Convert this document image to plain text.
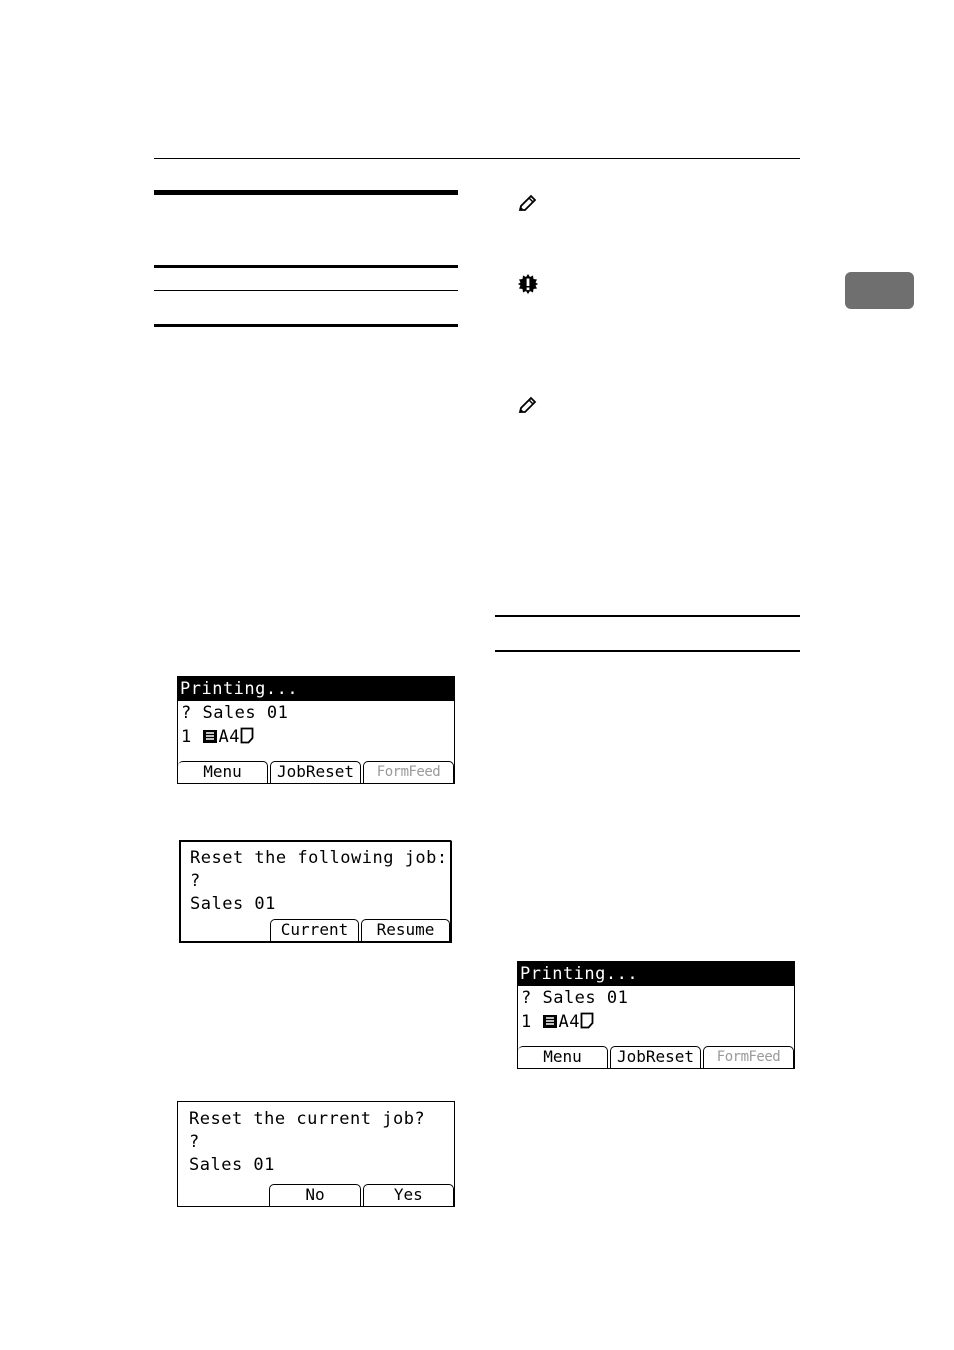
Printing...
? Sales 01
1 A4
Menu	JobReset	FormFeed
Reset the following job:
?
Sales 01
Current	Resume
Reset the current job?
?
Sales 01
No	Yes
Printing...
? Sales 01
1 A4
Menu	JobReset	FormFeed
